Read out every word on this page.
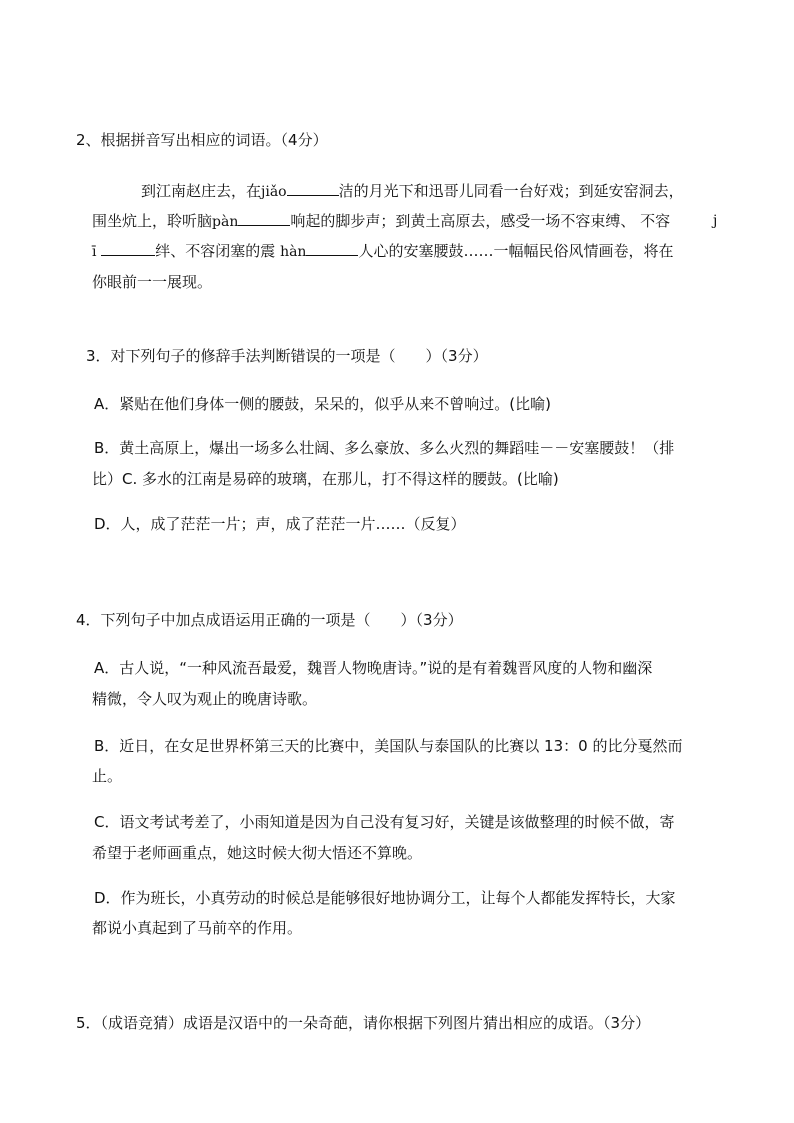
2、根据拼音写出相应的词语。（4分）
到江南赵庄去，在jiǎo	洁的月光下和迅哥儿同看一台好戏；到延安窑洞去，
围坐炕上，聆听脑pàn	响起的脚步声；到黄土高原去，感受一场不容束缚、 不容	j
ī	绊、不容闭塞的震 hàn	人心的安塞腰鼓……一幅幅民俗风情画卷，将在
你眼前一一展现。
3．对下列句子的修辞手法判断错误的一项是（　　）（3分）
A．紧贴在他们身体一侧的腰鼓，呆呆的，似乎从来不曾响过。(比喻)
B．黄土高原上，爆出一场多么壮阔、多么豪放、多么火烈的舞蹈哇－－安塞腰鼓！（排
比）C. 多水的江南是易碎的玻璃，在那儿，打不得这样的腰鼓。(比喻)
D．人，成了茫茫一片；声，成了茫茫一片……（反复）
4．下列句子中加点成语运用正确的一项是（　　）（3分）
A．古人说，“一种风流吾最爱，魏晋人物晚唐诗。”说的是有着魏晋风度的人物和幽深
精微，令人叹为观止的晚唐诗歌。
B．近日，在女足世界杯第三天的比赛中，美国队与泰国队的比赛以 13：0 的比分戛然而
止。
C．语文考试考差了，小雨知道是因为自己没有复习好，关键是该做整理的时候不做，寄
希望于老师画重点，她这时候大彻大悟还不算晚。
D．作为班长，小真劳动的时候总是能够很好地协调分工，让每个人都能发挥特长，大家
都说小真起到了马前卒的作用。
5．（成语竞猜）成语是汉语中的一朵奇葩，请你根据下列图片猜出相应的成语。（3分）
